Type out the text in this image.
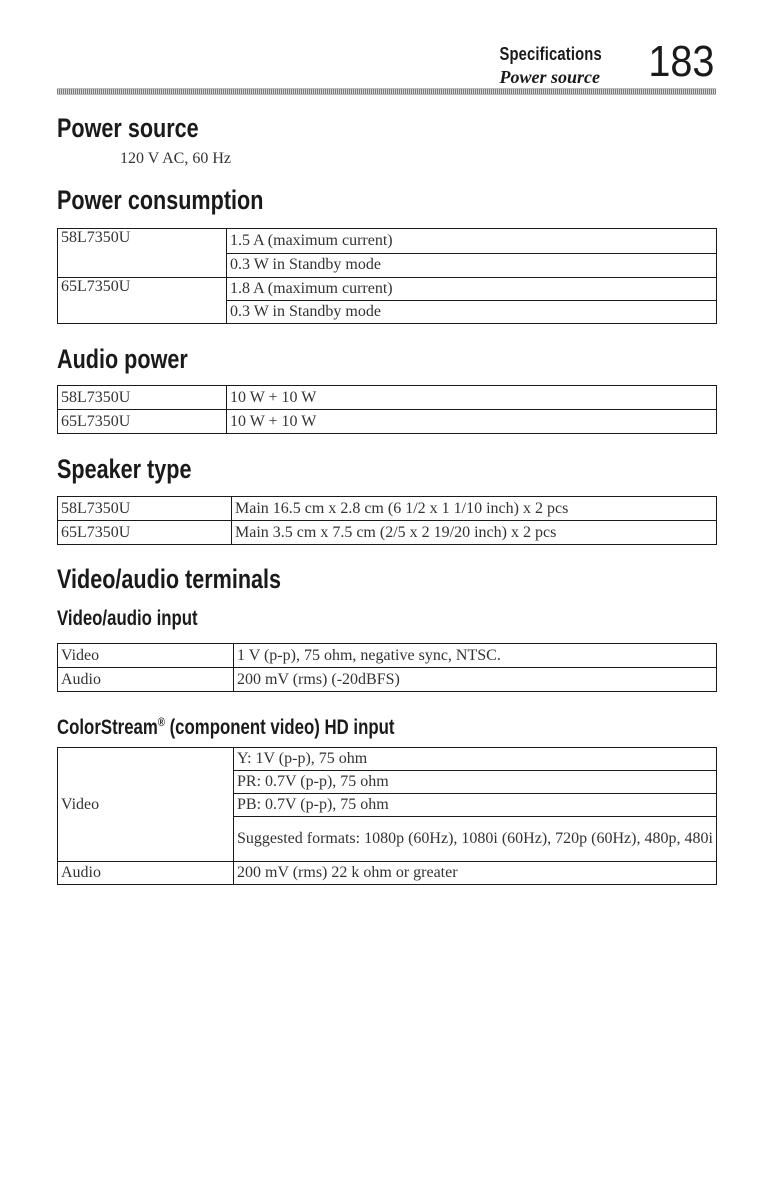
Specifications
Power source 183
Power source
120 V AC, 60 Hz
Power consumption
58L7350U	1.5 A (maximum current)
	0.3 W in Standby mode
65L7350U	1.8 A (maximum current)
	0.3 W in Standby mode
Audio power
58L7350U	10 W + 10 W
65L7350U	10 W + 10 W
Speaker type
58L7350U	Main 16.5 cm x 2.8 cm (6 1/2 x 1 1/10 inch) x 2 pcs
65L7350U	Main 3.5 cm x 7.5 cm (2/5 x 2 19/20 inch) x 2 pcs
Video/audio terminals
Video/audio input
Video	1 V (p-p), 75 ohm, negative sync, NTSC.
Audio	200 mV (rms) (-20dBFS)
ColorStream® (component video) HD input
Video	Y: 1V (p-p), 75 ohm
	PR: 0.7V (p-p), 75 ohm
	PB: 0.7V (p-p), 75 ohm
	Suggested formats: 1080p (60Hz), 1080i (60Hz), 720p (60Hz), 480p, 480i
Audio	200 mV (rms) 22 k ohm or greater
